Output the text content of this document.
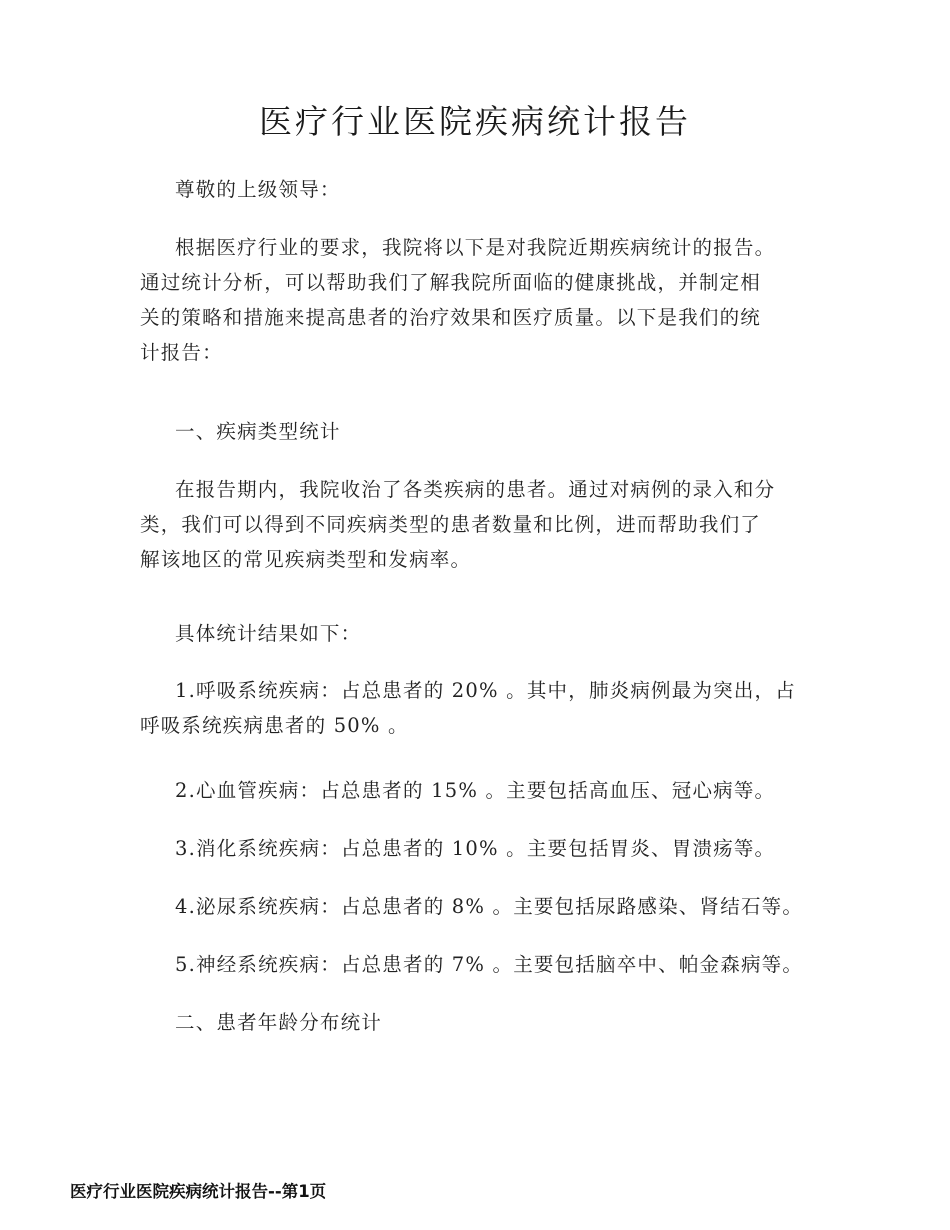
医疗行业医院疾病统计报告
尊敬的上级领导：
根据医疗行业的要求，我院将以下是对我院近期疾病统计的报告。
通过统计分析，可以帮助我们了解我院所面临的健康挑战，并制定相
关的策略和措施来提高患者的治疗效果和医疗质量。以下是我们的统
计报告：
一、疾病类型统计
在报告期内，我院收治了各类疾病的患者。通过对病例的录入和分
类，我们可以得到不同疾病类型的患者数量和比例，进而帮助我们了
解该地区的常见疾病类型和发病率。
具体统计结果如下：
1.呼吸系统疾病：占总患者的 20% 。其中，肺炎病例最为突出，占
呼吸系统疾病患者的 50% 。
2.心血管疾病：占总患者的 15% 。主要包括高血压、冠心病等。
3.消化系统疾病：占总患者的 10% 。主要包括胃炎、胃溃疡等。
4.泌尿系统疾病：占总患者的 8% 。主要包括尿路感染、肾结石等。
5.神经系统疾病：占总患者的 7% 。主要包括脑卒中、帕金森病等。
二、患者年龄分布统计
医疗行业医院疾病统计报告--第1页
